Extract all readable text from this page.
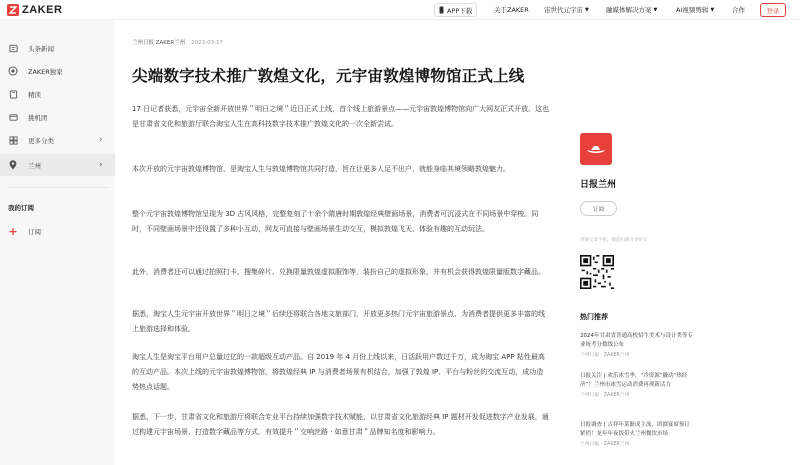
ZAKER	APP下载	关于ZAKER 宙世代元宇宙 ▼	融媒体解决方案 ▼	AI视频剪辑 ▼	合作	登录
头条新闻
ZAKER独家
精读
挑机团
更多分类	›
兰州	›
我的订阅
+ 订阅
兰州日报·ZAKER兰州 2023-03-17
尖端数字技术推广敦煌文化，元宇宙敦煌博物馆正式上线

17 日记者获悉，元宇宙全新开放世界＂明日之境＂近日正式上线，首个线上旅游景点——元宇宙敦煌博物馆向广大网友正式开放。这也是甘肃省文化和旅游厅联合淘宝人生在高科技数字技术推广敦煌文化的一次全新尝试。

本次开放的元宇宙敦煌博物馆，是淘宝人生与敦煌博物馆共同打造，旨在让更多人足不出户，就能身临其境领略敦煌魅力。

整个元宇宙敦煌博物馆呈现为 3D 古风风格，完整复刻了十余个隋唐时期敦煌经典壁画场景，消费者可沉浸式在不同场景中穿梭。同时，不同壁画场景中还设置了多种小互动，网友可直接与壁画场景生动交互，模拟敦煌飞天、体验有趣的互动玩法。

此外，消费者还可以通过拍照打卡、搜集碎片、兑换限量敦煌虚拟服饰等，装扮自己的虚拟形象，并有机会获得敦煌限量版数字藏品。

据悉，淘宝人生元宇宙开放世界＂明日之境＂后续还将联合各地文旅部门，开放更多热门元宇宙旅游景点，为消费者提供更多丰富的线上旅游选择和体验。

淘宝人生是淘宝平台用户总量过亿的一款超级互动产品。自 2019 年 4 月份上线以来，日活跃用户数过千万，成为淘宝 APP 粘性最高的互动产品。本次上线的元宇宙敦煌博物馆，将敦煌经典 IP 与消费者场景有机结合，加强了敦煌 IP、平台与粉丝的交流互动，成功造势热点话题。

据悉，下一步，甘肃省文化和旅游厅将联合专业平台持续加强数字技术赋能，以甘肃省文化旅游经典 IP 题材开发促进数字产业发展，通过构建元宇宙场景、打造数字藏品等方式，有效提升＂交响丝路 · 如意甘肃＂品牌知名度和影响力。

日报兰州
订阅
更换文章手机，微信扫描分享好友
热门推荐
2024年甘肃省普通高校招生美术与设计类等专业统考分数线公布
兰州日报 · ZAKER兰州
日报关注 | 欢乐冰雪季，“冷资源”撬动“热经济”！兰州市冰雪运动消费再现新活力
兰州日报 · ZAKER兰州
日报调查 | 吉祥年菜渐成主流，团圆宴席预订紧俏！龙年年夜饭带火兰州餐饮市场
兰州日报 · ZAKER兰州
